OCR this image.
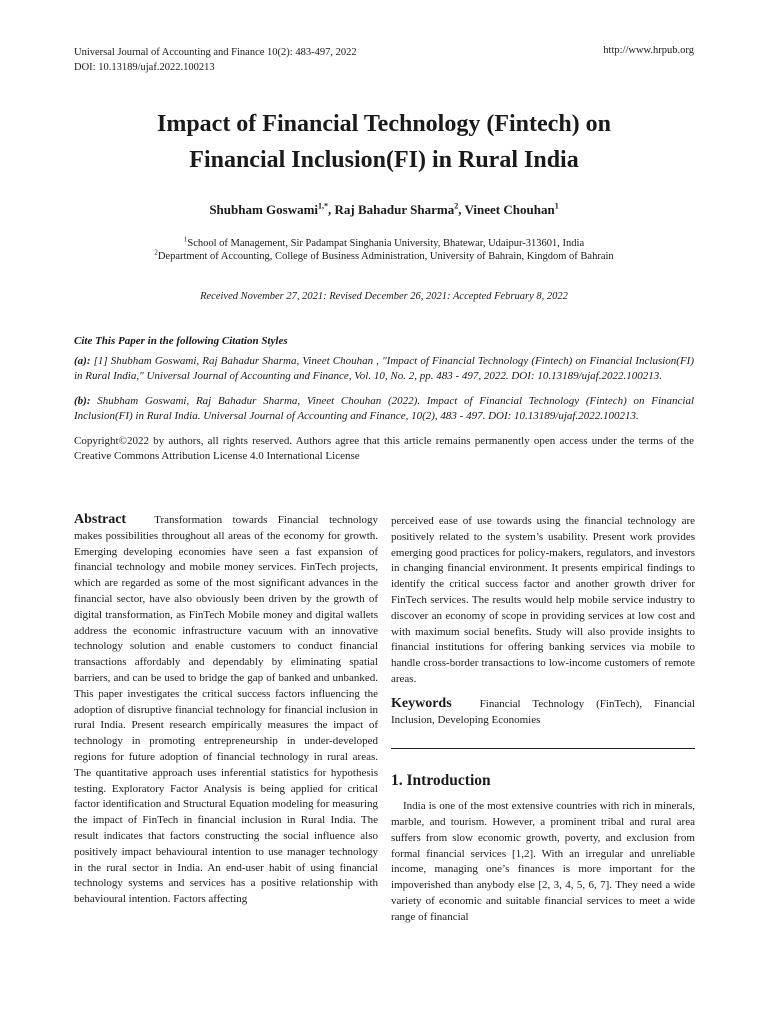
Universal Journal of Accounting and Finance 10(2): 483-497, 2022
DOI: 10.13189/ujaf.2022.100213
http://www.hrpub.org
Impact of Financial Technology (Fintech) on
Financial Inclusion(FI) in Rural India
Shubham Goswami$^{1,*}$, Raj Bahadur Sharma$^2$, Vineet Chouhan$^1$
$^1$School of Management, Sir Padampat Singhania University, Bhatewar, Udaipur-313601, India
$^2$Department of Accounting, College of Business Administration, University of Bahrain, Kingdom of Bahrain
Received November 27, 2021: Revised December 26, 2021: Accepted February 8, 2022
Cite This Paper in the following Citation Styles
(a): [1] Shubham Goswami, Raj Bahadur Sharma, Vineet Chouhan , "Impact of Financial Technology (Fintech) on Financial Inclusion(FI) in Rural India," Universal Journal of Accounting and Finance, Vol. 10, No. 2, pp. 483 - 497, 2022. DOI: 10.13189/ujaf.2022.100213.
(b): Shubham Goswami, Raj Bahadur Sharma, Vineet Chouhan (2022). Impact of Financial Technology (Fintech) on Financial Inclusion(FI) in Rural India. Universal Journal of Accounting and Finance, 10(2), 483 - 497. DOI: 10.13189/ujaf.2022.100213.
Copyright©2022 by authors, all rights reserved. Authors agree that this article remains permanently open access under the terms of the Creative Commons Attribution License 4.0 International License
Abstract	Transformation towards Financial technology makes possibilities throughout all areas of the economy for growth. Emerging developing economies have seen a fast expansion of financial technology and mobile money services. FinTech projects, which are regarded as some of the most significant advances in the financial sector, have also obviously been driven by the growth of digital transformation, as FinTech Mobile money and digital wallets address the economic infrastructure vacuum with an innovative technology solution and enable customers to conduct financial transactions affordably and dependably by eliminating spatial barriers, and can be used to bridge the gap of banked and unbanked. This paper investigates the critical success factors influencing the adoption of disruptive financial technology for financial inclusion in rural India. Present research empirically measures the impact of technology in promoting entrepreneurship in under-developed regions for future adoption of financial technology in rural areas. The quantitative approach uses inferential statistics for hypothesis testing. Exploratory Factor Analysis is being applied for critical factor identification and Structural Equation modeling for measuring the impact of FinTech in financial inclusion in Rural India. The result indicates that factors constructing the social influence also positively impact behavioural intention to use manager technology in the rural sector in India. An end-user habit of using financial technology systems and services has a positive relationship with behavioural intention. Factors affecting
perceived ease of use towards using the financial technology are positively related to the system’s usability. Present work provides emerging good practices for policy-makers, regulators, and investors in changing financial environment. It presents empirical findings to identify the critical success factor and another growth driver for FinTech services. The results would help mobile service industry to discover an economy of scope in providing services at low cost and with maximum social benefits. Study will also provide insights to financial institutions for offering banking services via mobile to handle cross-border transactions to low-income customers of remote areas.
Keywords	Financial Technology (FinTech), Financial Inclusion, Developing Economies
1. Introduction

India is one of the most extensive countries with rich in minerals, marble, and tourism. However, a prominent tribal and rural area suffers from slow economic growth, poverty, and exclusion from formal financial services [1,2]. With an irregular and unreliable income, managing one’s finances is more important for the impoverished than anybody else [2, 3, 4, 5, 6, 7]. They need a wide variety of economic and suitable financial services to meet a wide range of financial
